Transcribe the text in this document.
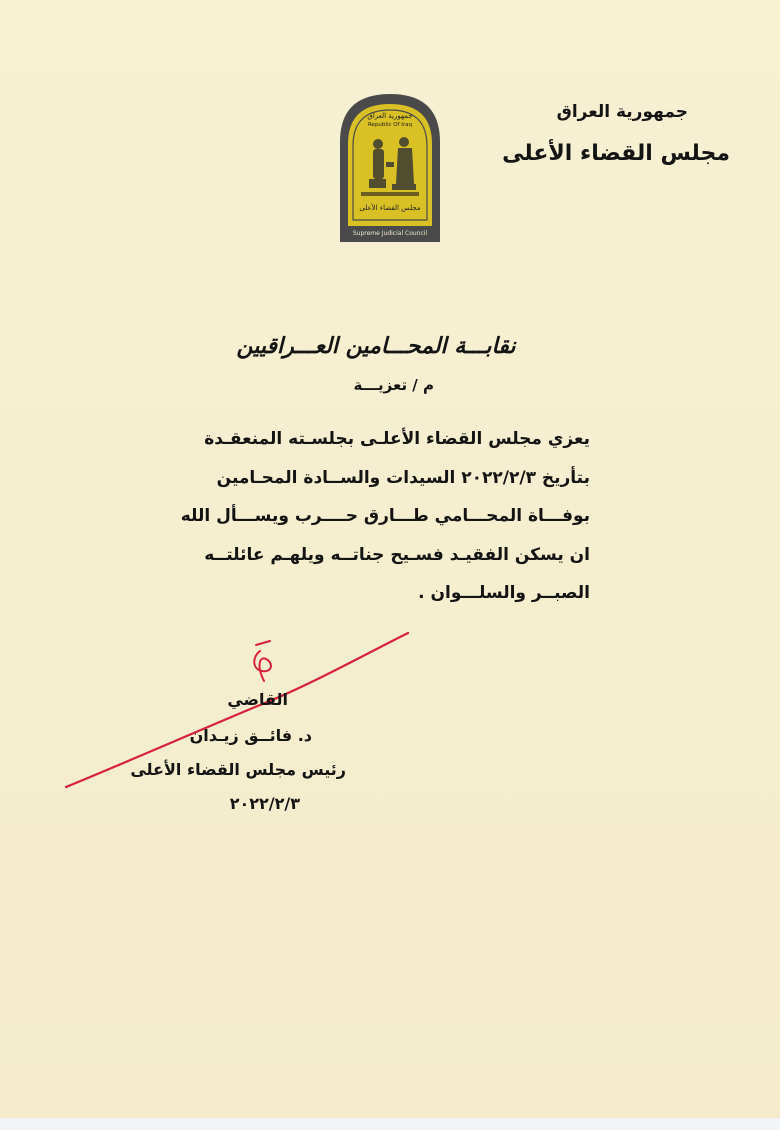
جمهورية العراق
مجلس القضاء الأعلى
جمهورية العراق
Republic Of Iraq
مجلس القضاء الأعلى
Supreme Judicial Council
نقابـــة المحـــامين العـــراقيين
م / تعزيـــة
يعزي مجلس القضاء الأعلـى بجلسـته المنعقـدة
بتأريخ ٢٠٢٢/٢/٣ السيدات والســادة المحـامين
بوفـــاة المحـــامي طـــارق حــــرب ويســـأل الله
ان يسكن الفقيـد فسـيح جناتــه ويلهـم عائلتــه
الصبــر والسلـــوان .
القاضي
د. فائــق زيـدان
رئيس مجلس القضاء الأعلى
٢٠٢٢/٢/٣
